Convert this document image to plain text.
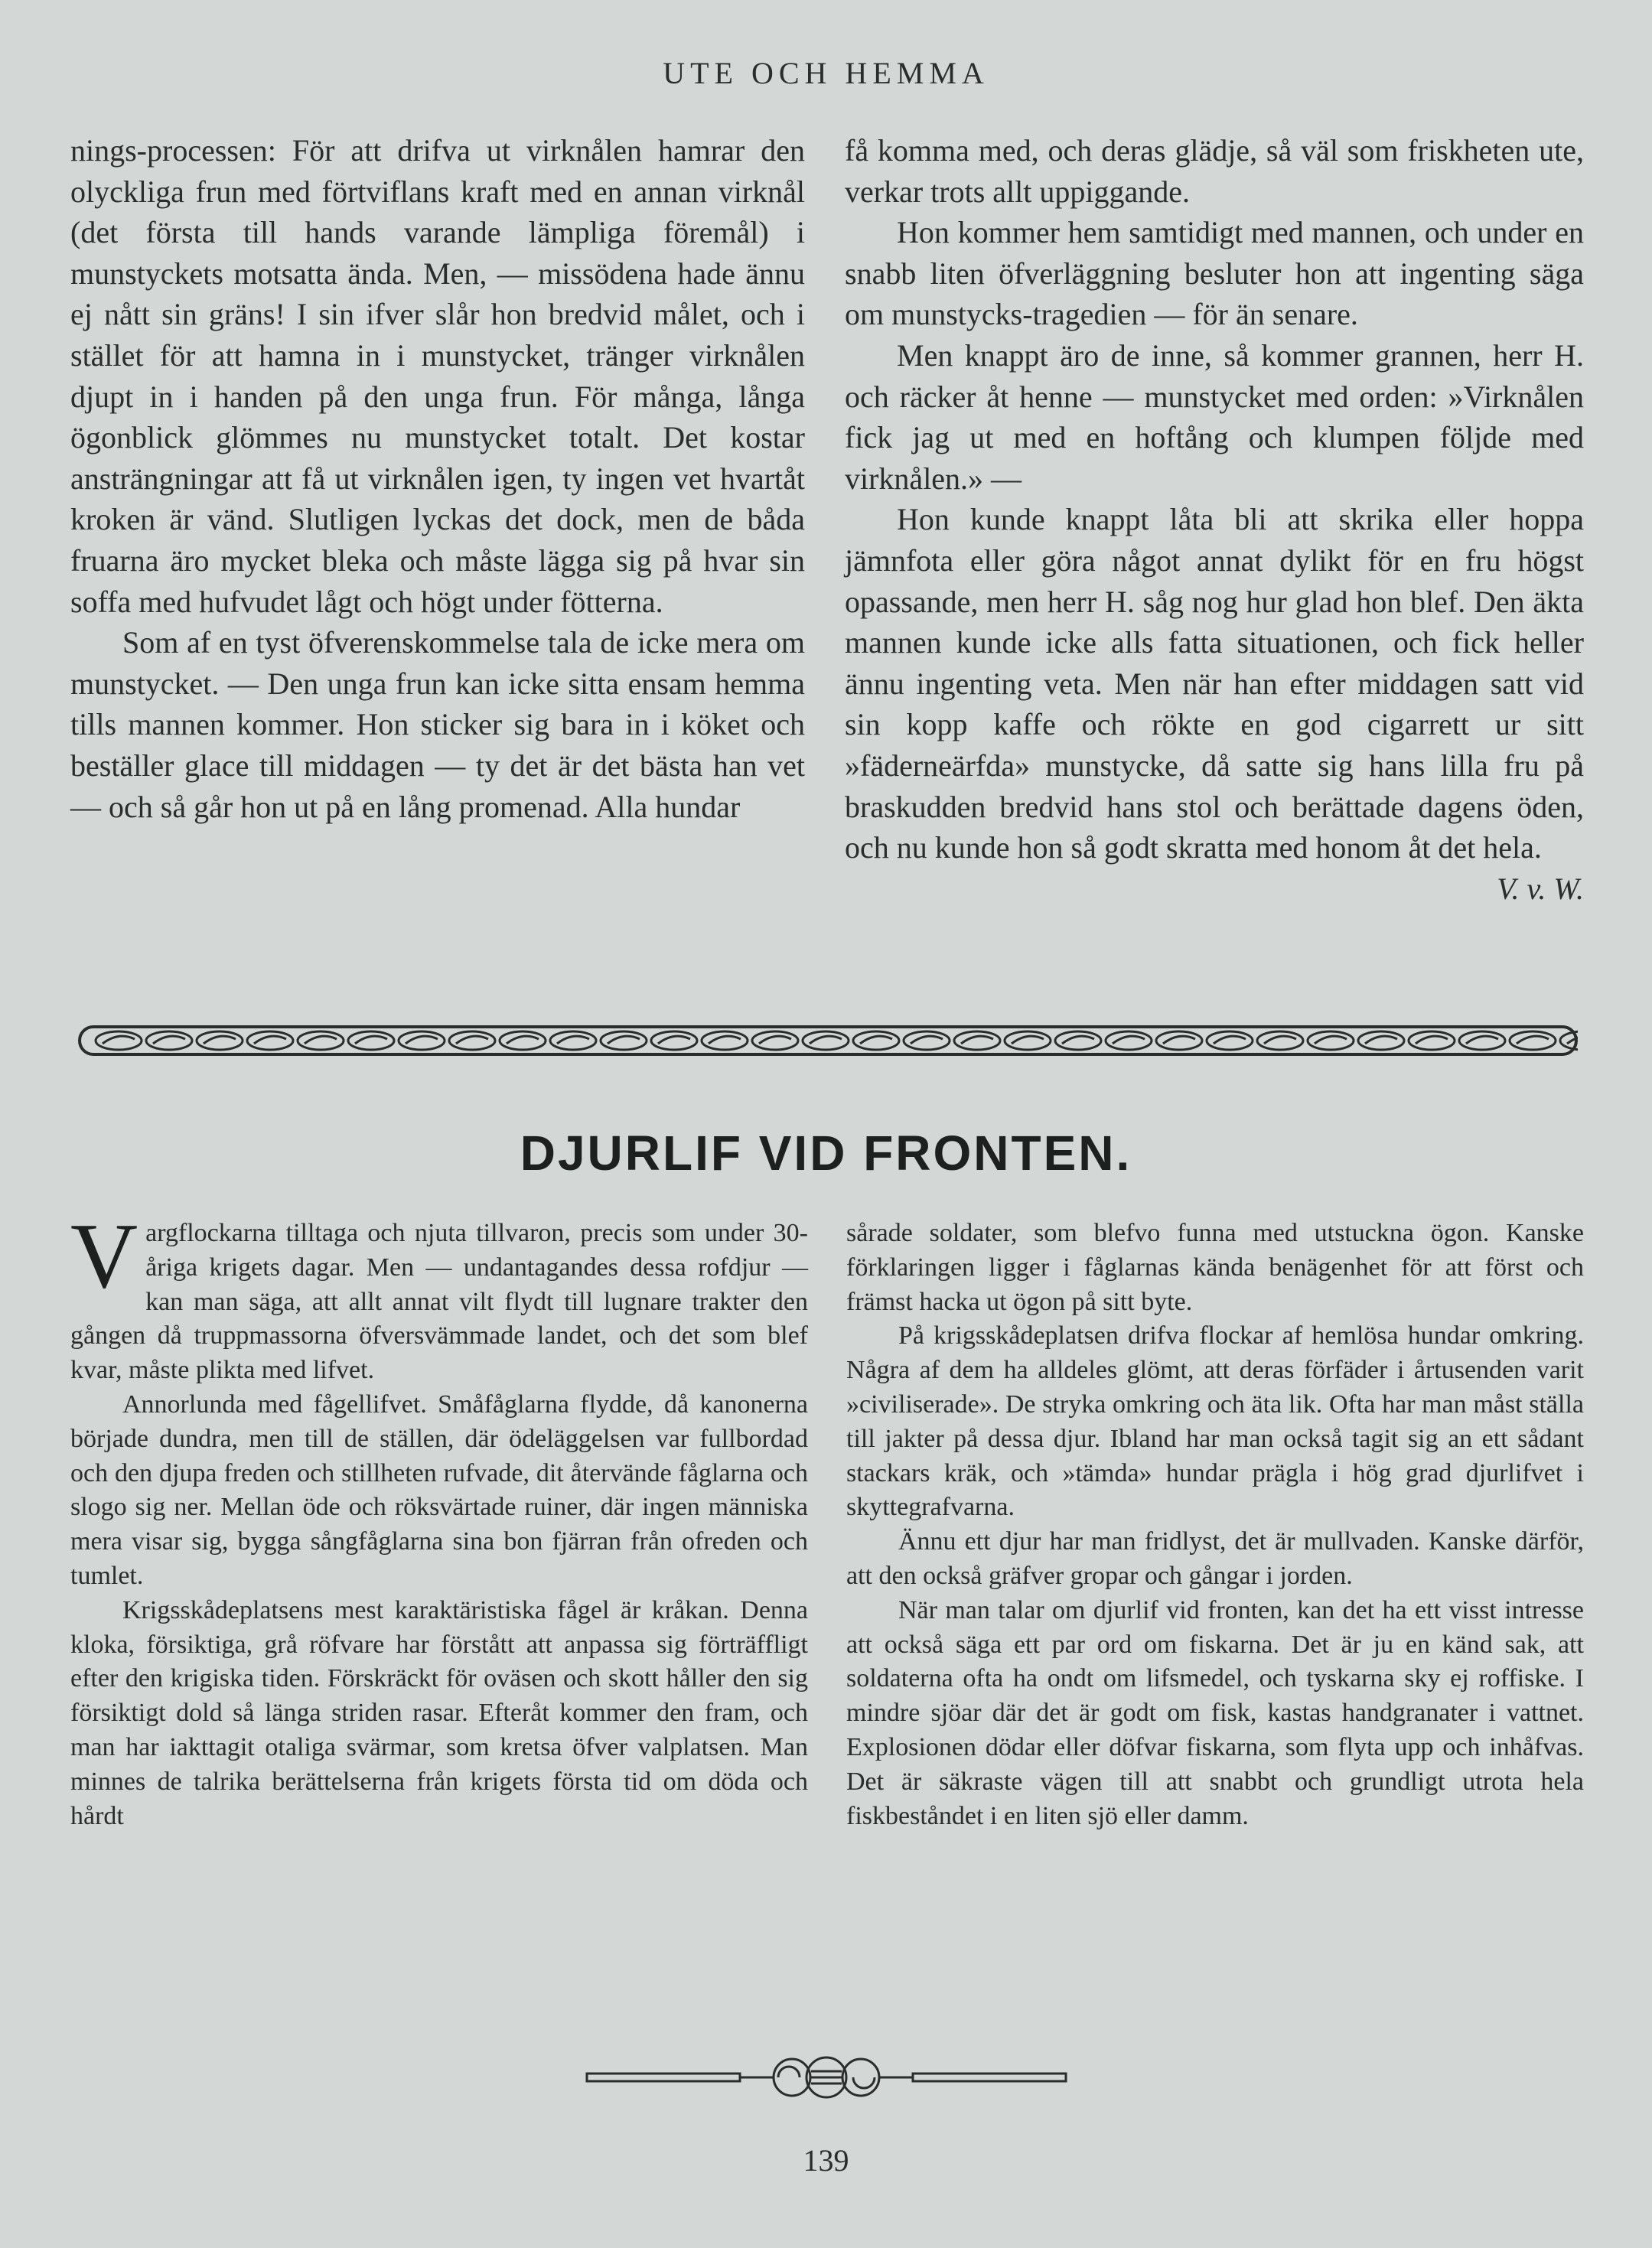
UTE OCH HEMMA

nings-processen: För att drifva ut virknålen hamrar den olyckliga frun med förtviflans kraft med en annan virknål (det första till hands varande lämpliga föremål) i munstyckets motsatta ända. Men, — missödena hade ännu ej nått sin gräns! I sin ifver slår hon bredvid målet, och i stället för att hamna in i munstycket, tränger virknålen djupt in i handen på den unga frun. För många, långa ögonblick glömmes nu munstycket totalt. Det kostar ansträngningar att få ut virknålen igen, ty ingen vet hvartåt kroken är vänd. Slutligen lyckas det dock, men de båda fruarna äro mycket bleka och måste lägga sig på hvar sin soffa med hufvudet lågt och högt under fötterna.

Som af en tyst öfverenskommelse tala de icke mera om munstycket. — Den unga frun kan icke sitta ensam hemma tills mannen kommer. Hon sticker sig bara in i köket och beställer glace till middagen — ty det är det bästa han vet — och så går hon ut på en lång promenad. Alla hundar

få komma med, och deras glädje, så väl som friskheten ute, verkar trots allt uppiggande.

Hon kommer hem samtidigt med mannen, och under en snabb liten öfverläggning besluter hon att ingenting säga om munstycks-tragedien — för än senare.

Men knappt äro de inne, så kommer grannen, herr H. och räcker åt henne — munstycket med orden: »Virknålen fick jag ut med en hoftång och klumpen följde med virknålen.» —

Hon kunde knappt låta bli att skrika eller hoppa jämnfota eller göra något annat dylikt för en fru högst opassande, men herr H. såg nog hur glad hon blef. Den äkta mannen kunde icke alls fatta situationen, och fick heller ännu ingenting veta. Men när han efter middagen satt vid sin kopp kaffe och rökte en god cigarrett ur sitt »fäderneärfda» munstycke, då satte sig hans lilla fru på braskudden bredvid hans stol och berättade dagens öden, och nu kunde hon så godt skratta med honom åt det hela.
V. v. W.

DJURLIF VID FRONTEN.

Vargflockarna tilltaga och njuta tillvaron, precis som under 30-åriga krigets dagar. Men — undantagandes dessa rofdjur — kan man säga, att allt annat vilt flydt till lugnare trakter den gången då truppmassorna öfversvämmade landet, och det som blef kvar, måste plikta med lifvet.

Annorlunda med fågellifvet. Småfåglarna flydde, då kanonerna började dundra, men till de ställen, där ödeläggelsen var fullbordad och den djupa freden och stillheten rufvade, dit återvände fåglarna och slogo sig ner. Mellan öde och röksvärtade ruiner, där ingen människa mera visar sig, bygga sångfåglarna sina bon fjärran från ofreden och tumlet.

Krigsskådeplatsens mest karaktäristiska fågel är kråkan. Denna kloka, försiktiga, grå röfvare har förstått att anpassa sig förträffligt efter den krigiska tiden. Förskräckt för oväsen och skott håller den sig försiktigt dold så länga striden rasar. Efteråt kommer den fram, och man har iakttagit otaliga svärmar, som kretsa öfver valplatsen. Man minnes de talrika berättelserna från krigets första tid om döda och hårdt

sårade soldater, som blefvo funna med utstuckna ögon. Kanske förklaringen ligger i fåglarnas kända benägenhet för att först och främst hacka ut ögon på sitt byte.

På krigsskådeplatsen drifva flockar af hemlösa hundar omkring. Några af dem ha alldeles glömt, att deras förfäder i årtusenden varit »civiliserade». De stryka omkring och äta lik. Ofta har man måst ställa till jakter på dessa djur. Ibland har man också tagit sig an ett sådant stackars kräk, och »tämda» hundar prägla i hög grad djurlifvet i skyttegrafvarna.

Ännu ett djur har man fridlyst, det är mullvaden. Kanske därför, att den också gräfver gropar och gångar i jorden.

När man talar om djurlif vid fronten, kan det ha ett visst intresse att också säga ett par ord om fiskarna. Det är ju en känd sak, att soldaterna ofta ha ondt om lifsmedel, och tyskarna sky ej roffiske. I mindre sjöar där det är godt om fisk, kastas handgranater i vattnet. Explosionen dödar eller döfvar fiskarna, som flyta upp och inhåfvas. Det är säkraste vägen till att snabbt och grundligt utrota hela fiskbeståndet i en liten sjö eller damm.

139
